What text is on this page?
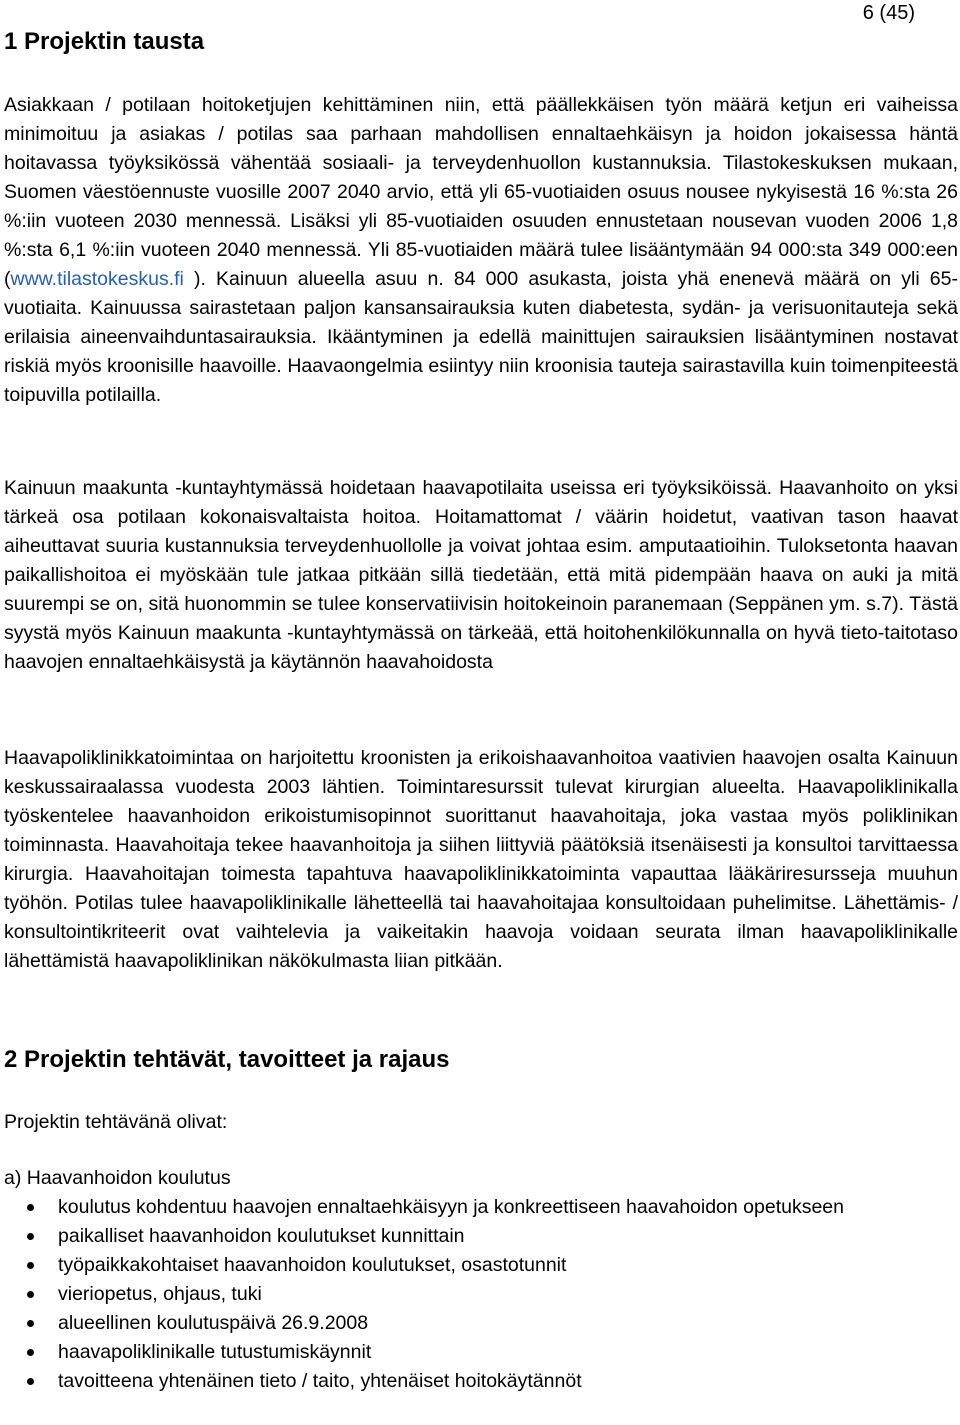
6 (45)
1 Projektin tausta

Asiakkaan / potilaan hoitoketjujen kehittäminen niin, että päällekkäisen työn määrä ketjun eri vaiheissa minimoituu ja asiakas / potilas saa parhaan mahdollisen ennaltaehkäisyn ja hoidon jokaisessa häntä hoitavassa työyksikössä vähentää sosiaali- ja terveydenhuollon kustannuksia. Tilastokeskuksen mukaan, Suomen väestöennuste vuosille 2007 2040 arvio, että yli 65-vuotiaiden osuus nousee nykyisestä 16 %:sta 26 %:iin vuoteen 2030 mennessä. Lisäksi yli 85-vuotiaiden osuuden ennustetaan nousevan vuoden 2006 1,8 %:sta 6,1 %:iin vuoteen 2040 mennessä. Yli 85-vuotiaiden määrä tulee lisääntymään 94 000:sta 349 000:een (www.tilastokeskus.fi ). Kainuun alueella asuu n. 84 000 asukasta, joista yhä enenevä määrä on yli 65-vuotiaita. Kainuussa sairastetaan paljon kansansairauksia kuten diabetesta, sydän- ja verisuonitauteja sekä erilaisia aineenvaihduntasairauksia. Ikääntyminen ja edellä mainittujen sairauksien lisääntyminen nostavat riskiä myös kroonisille haavoille. Haavaongelmia esiintyy niin kroonisia tauteja sairastavilla kuin toimenpiteestä toipuvilla potilailla.

Kainuun maakunta -kuntayhtymässä hoidetaan haavapotilaita useissa eri työyksiköissä. Haavanhoito on yksi tärkeä osa potilaan kokonaisvaltaista hoitoa. Hoitamattomat / väärin hoidetut, vaativan tason haavat aiheuttavat suuria kustannuksia terveydenhuollolle ja voivat johtaa esim. amputaatioihin. Tuloksetonta haavan paikallishoitoa ei myöskään tule jatkaa pitkään sillä tiedetään, että mitä pidempään haava on auki ja mitä suurempi se on, sitä huonommin se tulee konservatiivisin hoitokeinoin paranemaan (Seppänen ym. s.7). Tästä syystä myös Kainuun maakunta -kuntayhtymässä on tärkeää, että hoitohenkilökunnalla on hyvä tieto-taitotaso haavojen ennaltaehkäisystä ja käytännön haavahoidosta

Haavapoliklinikkatoimintaa on harjoitettu kroonisten ja erikoishaavanhoitoa vaativien haavojen osalta Kainuun keskussairaalassa vuodesta 2003 lähtien. Toimintaresurssit tulevat kirurgian alueelta. Haavapoliklinikalla työskentelee haavanhoidon erikoistumisopinnot suorittanut haavahoitaja, joka vastaa myös poliklinikan toiminnasta. Haavahoitaja tekee haavanhoitoja ja siihen liittyviä päätöksiä itsenäisesti ja konsultoi tarvittaessa kirurgia. Haavahoitajan toimesta tapahtuva haavapoliklinikkatoiminta vapauttaa lääkäriresursseja muuhun työhön. Potilas tulee haavapoliklinikalle lähetteellä tai haavahoitajaa konsultoidaan puhelimitse. Lähettämis- / konsultointikriteerit ovat vaihtelevia ja vaikeitakin haavoja voidaan seurata ilman haavapoliklinikalle lähettämistä haavapoliklinikan näkökulmasta liian pitkään.

2 Projektin tehtävät, tavoitteet ja rajaus

Projektin tehtävänä olivat:

a) Haavanhoidon koulutus

koulutus kohdentuu haavojen ennaltaehkäisyyn ja konkreettiseen haavahoidon opetukseen
paikalliset haavanhoidon koulutukset kunnittain
työpaikkakohtaiset haavanhoidon koulutukset, osastotunnit
vieriopetus, ohjaus, tuki
alueellinen koulutuspäivä 26.9.2008
haavapoliklinikalle tutustumiskäynnit
tavoitteena yhtenäinen tieto / taito, yhtenäiset hoitokäytännöt
